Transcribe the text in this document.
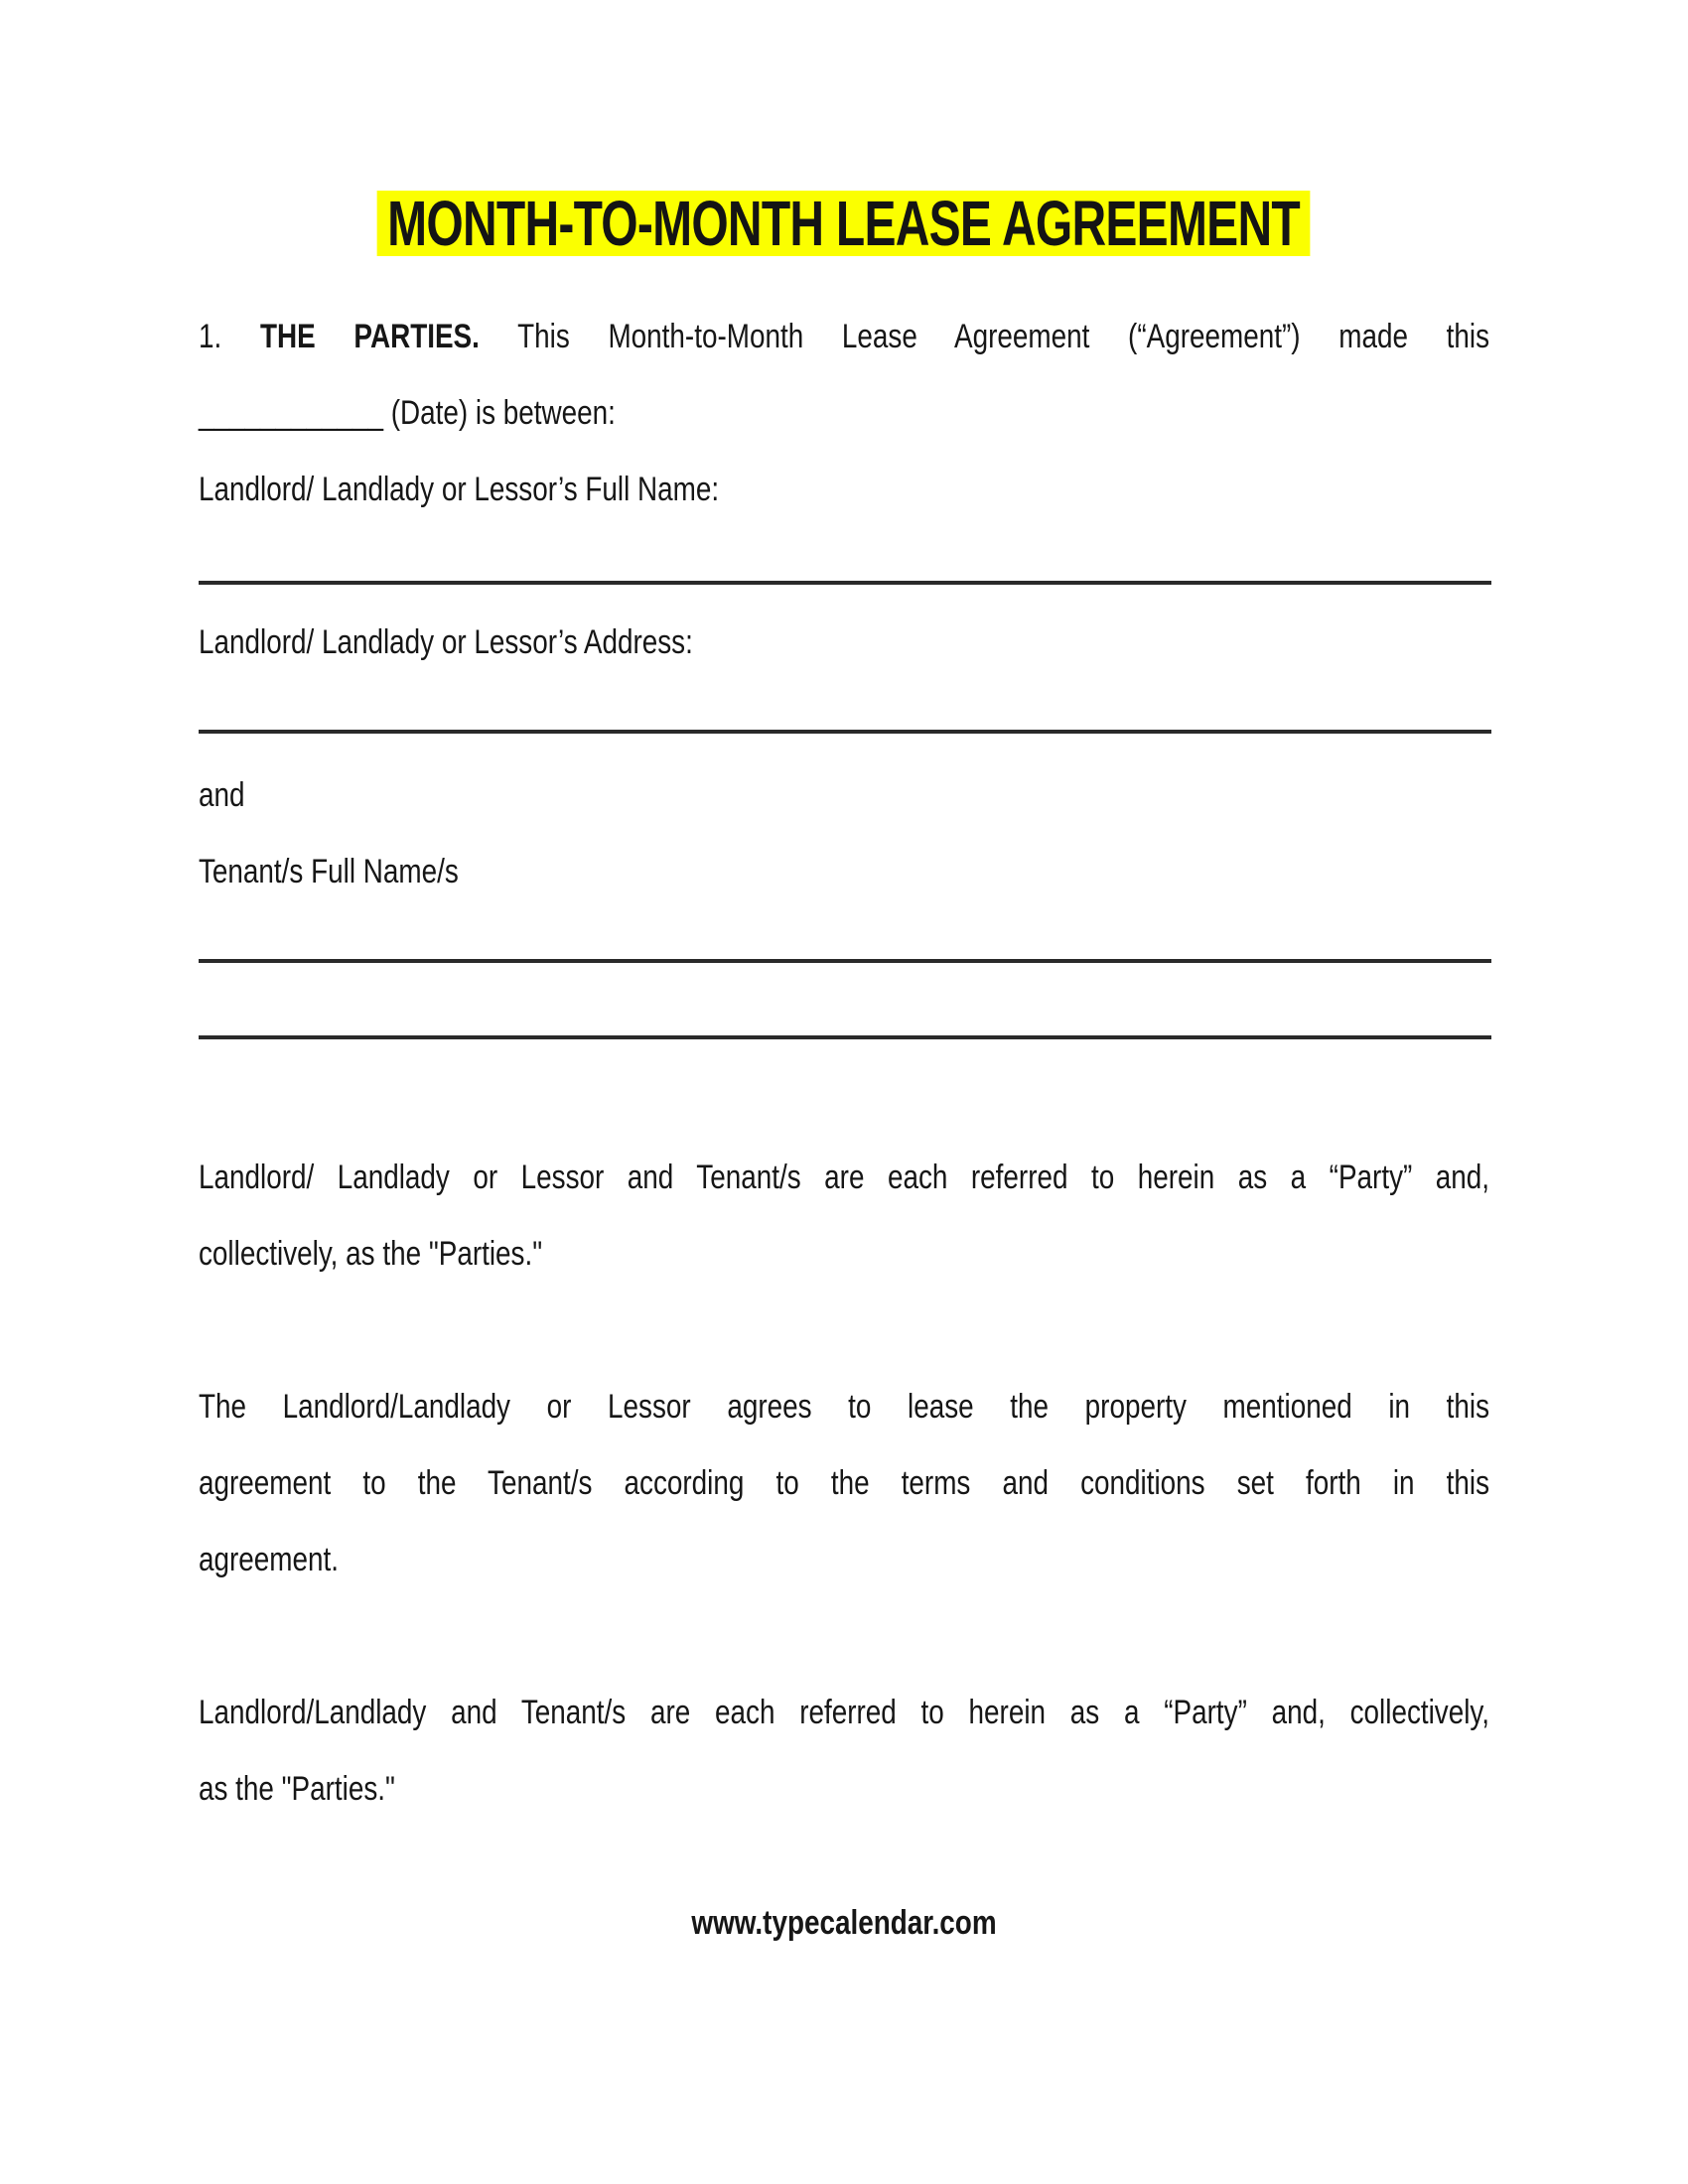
MONTH-TO-MONTH LEASE AGREEMENT
1. THE PARTIES. This Month-to-Month Lease Agreement (“Agreement”) made this
____________ (Date) is between:
Landlord/ Landlady or Lessor’s Full Name:
Landlord/ Landlady or Lessor’s Address:
and
Tenant/s Full Name/s
Landlord/ Landlady or Lessor and Tenant/s are each referred to herein as a “Party” and,
collectively, as the "Parties."
The Landlord/Landlady or Lessor agrees to lease the property mentioned in this
agreement to the Tenant/s according to the terms and conditions set forth in this
agreement.
Landlord/Landlady and Tenant/s are each referred to herein as a “Party” and, collectively,
as the "Parties."
www.typecalendar.com
